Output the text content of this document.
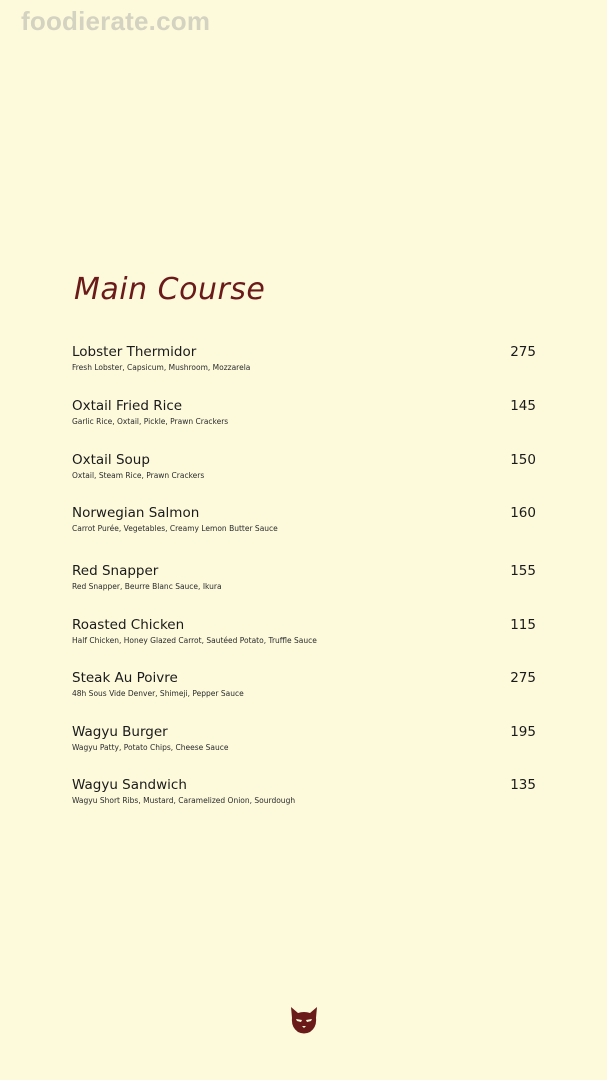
foodierate.com
Main Course
Lobster Thermidor
Fresh Lobster, Capsicum, Mushroom, Mozzarela
275
Oxtail Fried Rice
Garlic Rice, Oxtail, Pickle, Prawn Crackers
145
Oxtail Soup
Oxtail, Steam Rice, Prawn Crackers
150
Norwegian Salmon
Carrot Purée, Vegetables, Creamy Lemon Butter Sauce
160
Red Snapper
Red Snapper, Beurre Blanc Sauce, Ikura
155
Roasted Chicken
Half Chicken, Honey Glazed Carrot, Sautéed Potato, Truffle Sauce
115
Steak Au Poivre
48h Sous Vide Denver, Shimeji, Pepper Sauce
275
Wagyu Burger
Wagyu Patty, Potato Chips, Cheese Sauce
195
Wagyu Sandwich
Wagyu Short Ribs, Mustard, Caramelized Onion, Sourdough
135
